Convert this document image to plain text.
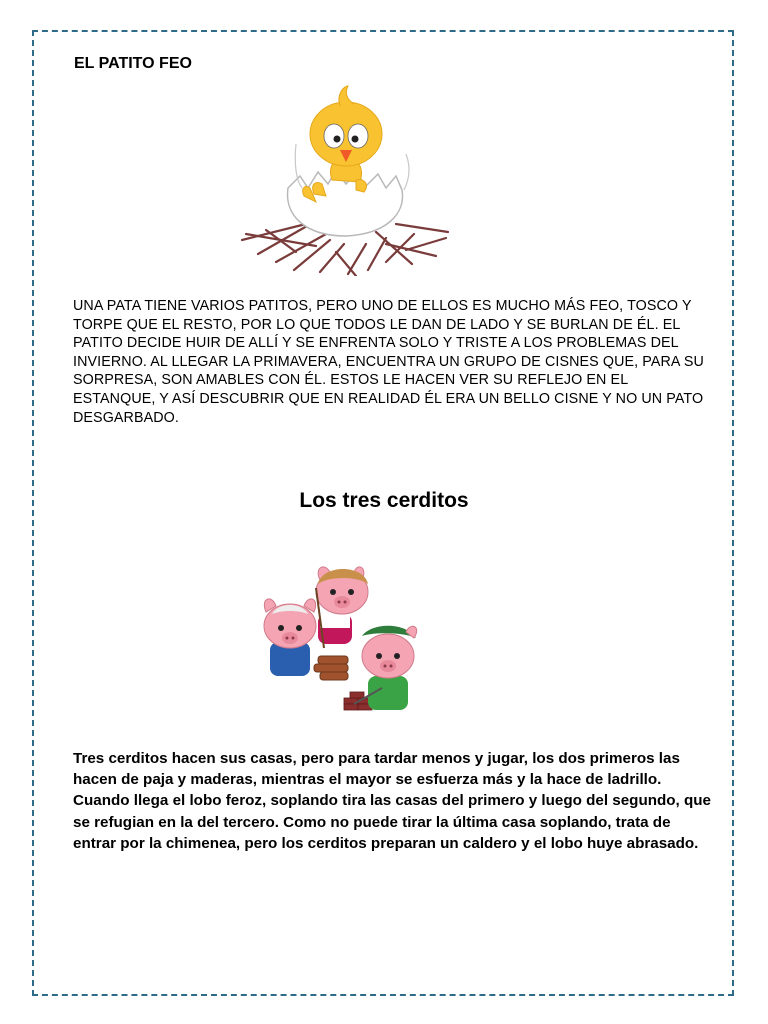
EL PATITO FEO

UNA PATA TIENE VARIOS PATITOS, PERO UNO DE ELLOS ES MUCHO MÁS FEO, TOSCO Y TORPE QUE EL RESTO, POR LO QUE TODOS LE DAN DE LADO Y SE BURLAN DE ÉL. EL PATITO DECIDE HUIR DE ALLÍ Y SE ENFRENTA SOLO Y TRISTE A LOS PROBLEMAS DEL INVIERNO. AL LLEGAR LA PRIMAVERA, ENCUENTRA UN GRUPO DE CISNES QUE, PARA SU SORPRESA, SON AMABLES CON ÉL. ESTOS LE HACEN VER SU REFLEJO EN EL ESTANQUE, Y ASÍ DESCUBRIR QUE EN REALIDAD ÉL ERA UN BELLO CISNE Y NO UN PATO DESGARBADO.

Los tres cerditos

Tres cerditos hacen sus casas, pero para tardar menos y jugar, los dos primeros las hacen de paja y maderas, mientras el mayor se esfuerza más y la hace de ladrillo. Cuando llega el lobo feroz, soplando tira las casas del primero y luego del segundo, que se refugian en la del tercero. Como no puede tirar la última casa soplando, trata de entrar por la chimenea, pero los cerditos preparan un caldero y el lobo huye abrasado.
